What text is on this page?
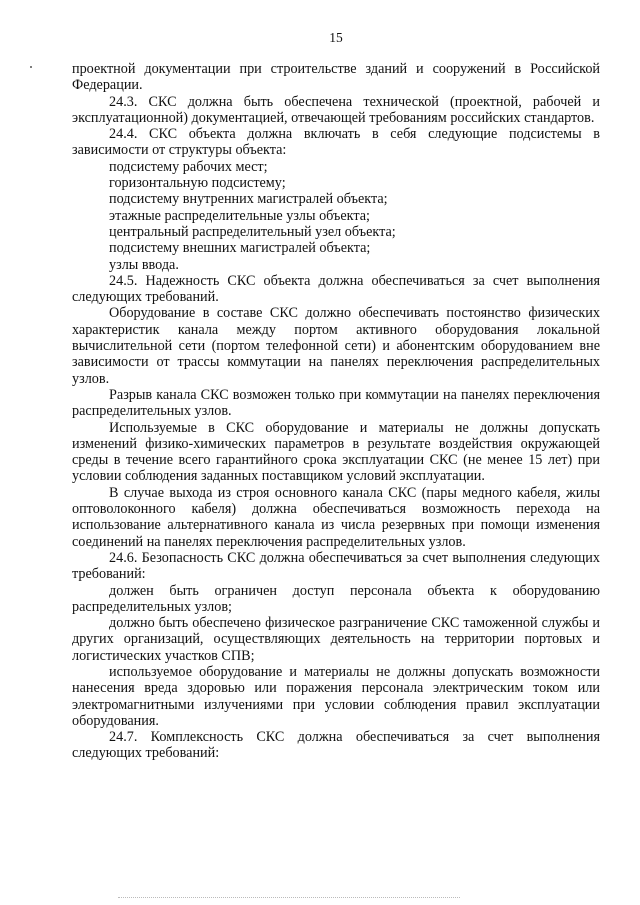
15

проектной документации при строительстве зданий и сооружений в Российской Федерации.

24.3. СКС должна быть обеспечена технической (проектной, рабочей и эксплуатационной) документацией, отвечающей требованиям российских стандартов.

24.4. СКС объекта должна включать в себя следующие подсистемы в зависимости от структуры объекта:

подсистему рабочих мест;

горизонтальную подсистему;

подсистему внутренних магистралей объекта;

этажные распределительные узлы объекта;

центральный распределительный узел объекта;

подсистему внешних магистралей объекта;

узлы ввода.

24.5. Надежность СКС объекта должна обеспечиваться за счет выполнения следующих требований.

Оборудование в составе СКС должно обеспечивать постоянство физических характеристик канала между портом активного оборудования локальной вычислительной сети (портом телефонной сети) и абонентским оборудованием вне зависимости от трассы коммутации на панелях переключения распределительных узлов.

Разрыв канала СКС возможен только при коммутации на панелях переключения распределительных узлов.

Используемые в СКС оборудование и материалы не должны допускать изменений физико-химических параметров в результате воздействия окружающей среды в течение всего гарантийного срока эксплуатации СКС (не менее 15 лет) при условии соблюдения заданных поставщиком условий эксплуатации.

В случае выхода из строя основного канала СКС (пары медного кабеля, жилы оптоволоконного кабеля) должна обеспечиваться возможность перехода на использование альтернативного канала из числа резервных при помощи изменения соединений на панелях переключения распределительных узлов.

24.6. Безопасность СКС должна обеспечиваться за счет выполнения следующих требований:

должен быть ограничен доступ персонала объекта к оборудованию распределительных узлов;

должно быть обеспечено физическое разграничение СКС таможенной службы и других организаций, осуществляющих деятельность на территории портовых и логистических участков СПВ;

используемое оборудование и материалы не должны допускать возможности нанесения вреда здоровью или поражения персонала электрическим током или электромагнитными излучениями при условии соблюдения правил эксплуатации оборудования.

24.7. Комплексность СКС должна обеспечиваться за счет выполнения следующих требований:
